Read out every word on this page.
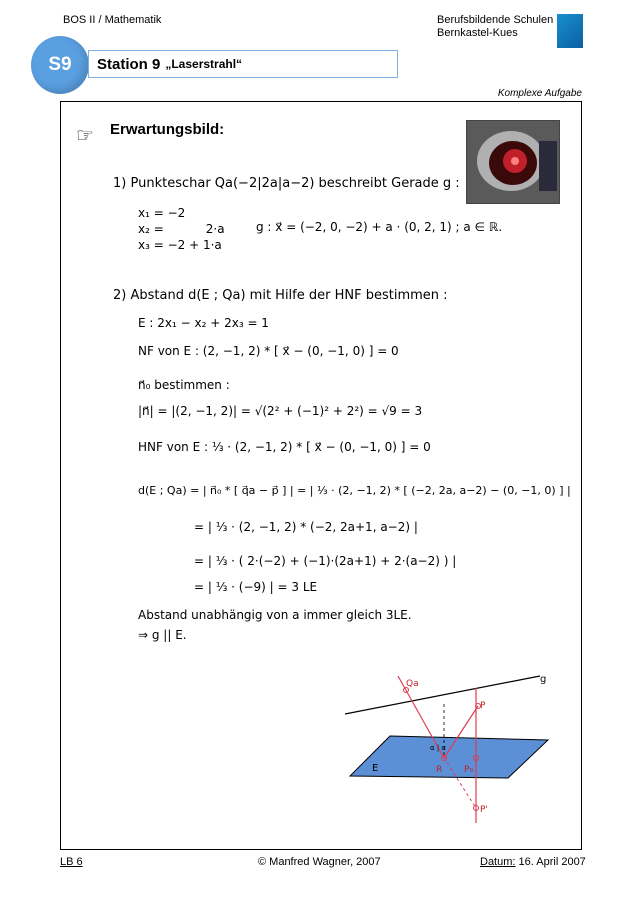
BOS II / Mathematik	Berufsbildende Schulen
Bernkastel-Kues
S9	Station 9 „Laserstrahl“
Komplexe Aufgabe
☞ Erwartungsbild:
1) Punkteschar Qa(−2|2a|a−2) beschreibt Gerade g :
x₁ = −2
x₂ =           2·a
x₃ = −2 + 1·a
g : x⃗ = (−2, 0, −2) + a · (0, 2, 1) ; a ∈ ℝ.
2) Abstand d(E ; Qa) mit Hilfe der HNF bestimmen :
E : 2x₁ − x₂ + 2x₃ = 1
NF von E : (2, −1, 2) * [ x⃗ − (0, −1, 0) ] = 0
n⃗₀ bestimmen :
|n⃗| = |(2, −1, 2)| = √(2² + (−1)² + 2²) = √9 = 3
HNF von E : ⅓ · (2, −1, 2) * [ x⃗ − (0, −1, 0) ] = 0
d(E ; Qa) = | n⃗₀ * [ q⃗a − p⃗ ] | = | ⅓ · (2, −1, 2) * [ (−2, 2a, a−2) − (0, −1, 0) ] |
= | ⅓ · (2, −1, 2) * (−2, 2a+1, a−2) |
= | ⅓ · ( 2·(−2) + (−1)·(2a+1) + 2·(a−2) ) |
= | ⅓ · (−9) | = 3 LE
Abstand unabhängig von a immer gleich 3LE.
⇒ g || E.
g
E
Qa
P
R P₀
P'
α | α
LB 6	© Manfred Wagner, 2007	Datum: 16. April 2007
